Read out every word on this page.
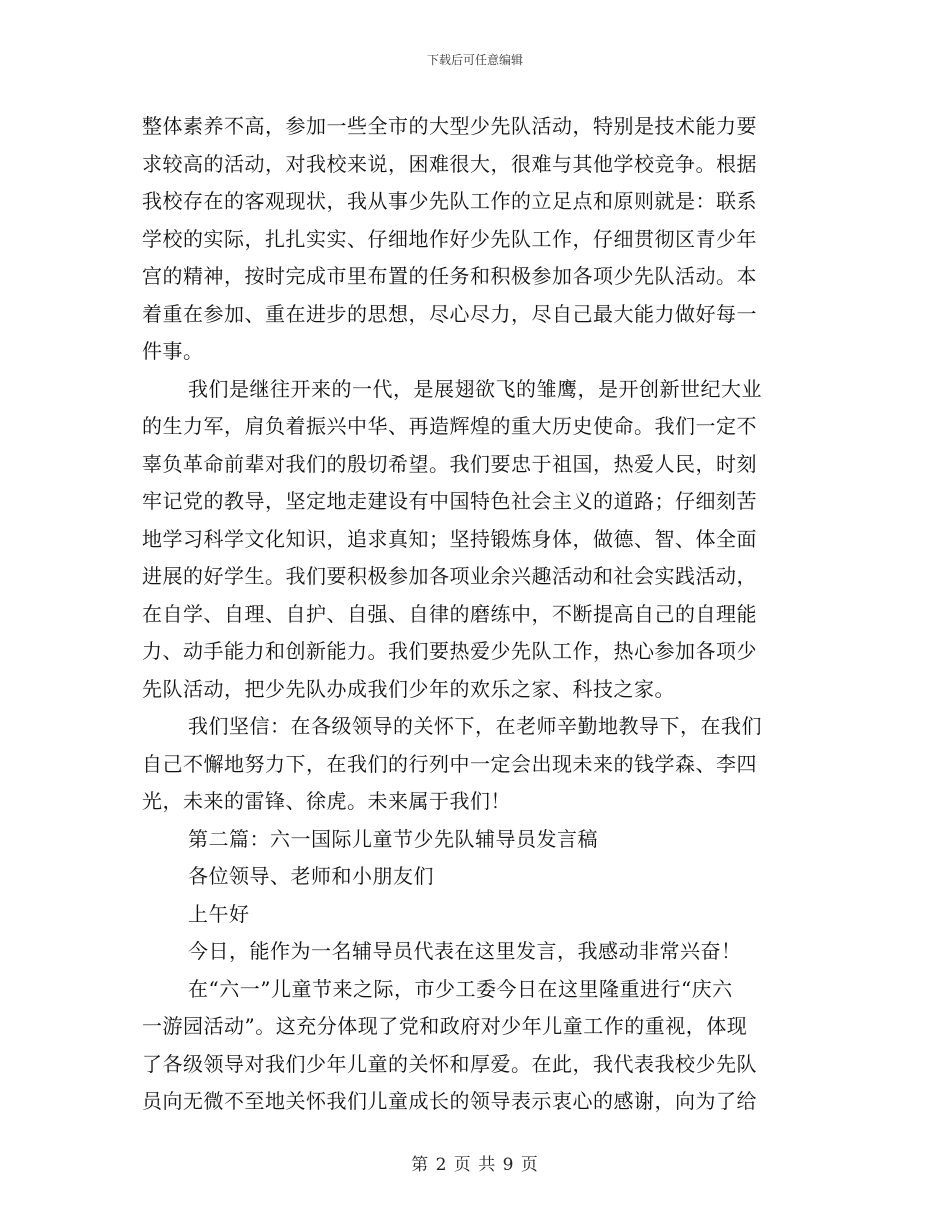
下载后可任意编辑
整体素养不高，参加一些全市的大型少先队活动，特别是技术能力要
求较高的活动，对我校来说，困难很大，很难与其他学校竞争。根据
我校存在的客观现状，我从事少先队工作的立足点和原则就是：联系
学校的实际，扎扎实实、仔细地作好少先队工作，仔细贯彻区青少年
宫的精神，按时完成市里布置的任务和积极参加各项少先队活动。本
着重在参加、重在进步的思想，尽心尽力，尽自己最大能力做好每一
件事。
我们是继往开来的一代，是展翅欲飞的雏鹰，是开创新世纪大业
的生力军，肩负着振兴中华、再造辉煌的重大历史使命。我们一定不
辜负革命前辈对我们的殷切希望。我们要忠于祖国，热爱人民，时刻
牢记党的教导，坚定地走建设有中国特色社会主义的道路；仔细刻苦
地学习科学文化知识，追求真知；坚持锻炼身体，做德、智、体全面
进展的好学生。我们要积极参加各项业余兴趣活动和社会实践活动，
在自学、自理、自护、自强、自律的磨练中，不断提高自己的自理能
力、动手能力和创新能力。我们要热爱少先队工作，热心参加各项少
先队活动，把少先队办成我们少年的欢乐之家、科技之家。
我们坚信：在各级领导的关怀下，在老师辛勤地教导下，在我们
自己不懈地努力下，在我们的行列中一定会出现未来的钱学森、李四
光，未来的雷锋、徐虎。未来属于我们！
第二篇：六一国际儿童节少先队辅导员发言稿
各位领导、老师和小朋友们
上午好
今日，能作为一名辅导员代表在这里发言，我感动非常兴奋！
在“六一”儿童节来之际，市少工委今日在这里隆重进行“庆六
一游园活动”。这充分体现了党和政府对少年儿童工作的重视，体现
了各级领导对我们少年儿童的关怀和厚爱。在此，我代表我校少先队
员向无微不至地关怀我们儿童成长的领导表示衷心的感谢，向为了给
第 2 页 共 9 页
